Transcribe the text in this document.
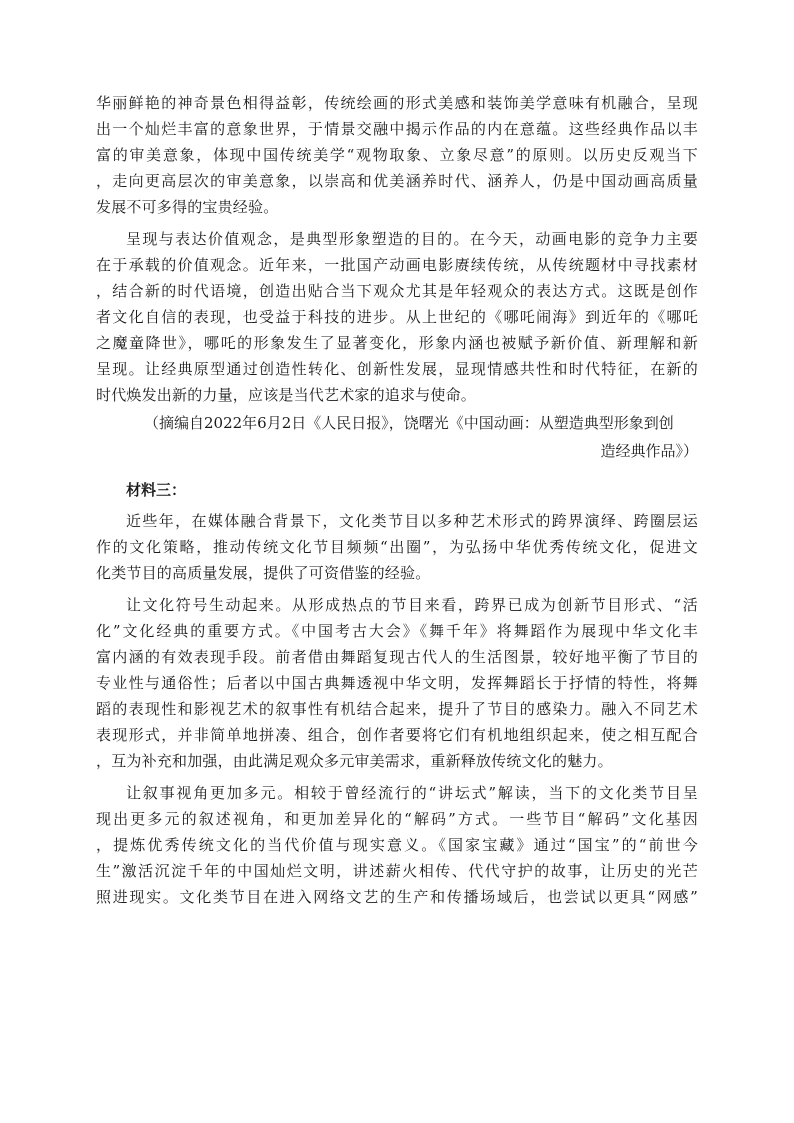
华丽鲜艳的神奇景色相得益彰，传统绘画的形式美感和装饰美学意味有机融合，呈现
出一个灿烂丰富的意象世界，于情景交融中揭示作品的内在意蕴。这些经典作品以丰
富的审美意象，体现中国传统美学“观物取象、立象尽意”的原则。以历史反观当下
，走向更高层次的审美意象，以崇高和优美涵养时代、涵养人，仍是中国动画高质量
发展不可多得的宝贵经验。
呈现与表达价值观念，是典型形象塑造的目的。在今天，动画电影的竞争力主要
在于承载的价值观念。近年来，一批国产动画电影赓续传统，从传统题材中寻找素材
，结合新的时代语境，创造出贴合当下观众尤其是年轻观众的表达方式。这既是创作
者文化自信的表现，也受益于科技的进步。从上世纪的《哪吒闹海》到近年的《哪吒
之魔童降世》，哪吒的形象发生了显著变化，形象内涵也被赋予新价值、新理解和新
呈现。让经典原型通过创造性转化、创新性发展，显现情感共性和时代特征，在新的
时代焕发出新的力量，应该是当代艺术家的追求与使命。
（摘编自2022年6月2日《人民日报》，饶曙光《中国动画：从塑造典型形象到创
造经典作品》）
材料三：
近些年，在媒体融合背景下，文化类节目以多种艺术形式的跨界演绎、跨圈层运
作的文化策略，推动传统文化节目频频“出圈”，为弘扬中华优秀传统文化，促进文
化类节目的高质量发展，提供了可资借鉴的经验。
让文化符号生动起来。从形成热点的节目来看，跨界已成为创新节目形式、“活
化”文化经典的重要方式。《中国考古大会》《舞千年》将舞蹈作为展现中华文化丰
富内涵的有效表现手段。前者借由舞蹈复现古代人的生活图景，较好地平衡了节目的
专业性与通俗性；后者以中国古典舞透视中华文明，发挥舞蹈长于抒情的特性，将舞
蹈的表现性和影视艺术的叙事性有机结合起来，提升了节目的感染力。融入不同艺术
表现形式，并非简单地拼凑、组合，创作者要将它们有机地组织起来，使之相互配合
，互为补充和加强，由此满足观众多元审美需求，重新释放传统文化的魅力。
让叙事视角更加多元。相较于曾经流行的“讲坛式”解读，当下的文化类节目呈
现出更多元的叙述视角，和更加差异化的“解码”方式。一些节目“解码”文化基因
，提炼优秀传统文化的当代价值与现实意义。《国家宝藏》通过“国宝”的“前世今
生”激活沉淀千年的中国灿烂文明，讲述薪火相传、代代守护的故事，让历史的光芒
照进现实。文化类节目在进入网络文艺的生产和传播场域后，也尝试以更具“网感”
